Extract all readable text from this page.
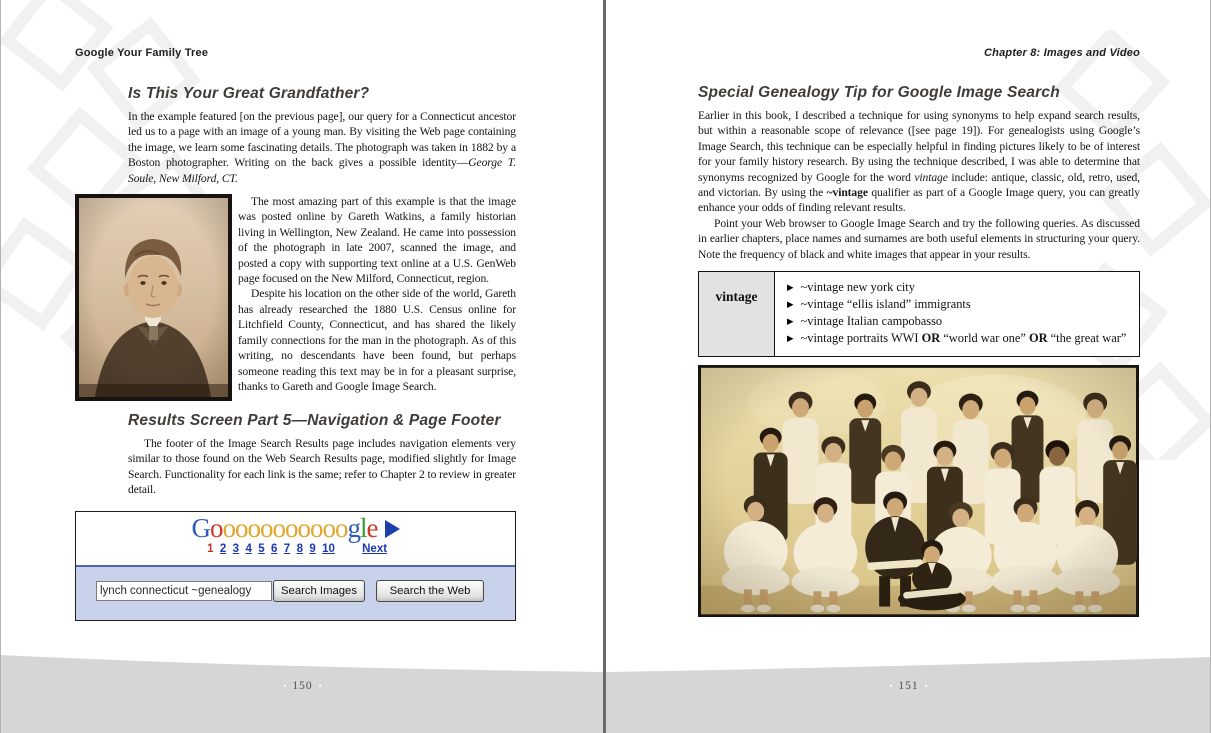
Google Your Family Tree	Chapter 8: Images and Video
Is This Your Great Grandfather?

In the example featured [on the previous page], our query for a Connecticut ancestor led us to a page with an image of a young man. By visiting the Web page containing the image, we learn some fascinating details. The photograph was taken in 1882 by a Boston photographer. Writing on the back gives a possible identity—George T. Soule, New Milford, CT.

The most amazing part of this example is that the image was posted online by Gareth Watkins, a family historian living in Wellington, New Zealand. He came into possession of the photograph in late 2007, scanned the image, and posted a copy with supporting text online at a U.S. GenWeb page focused on the New Milford, Connecticut, region.

Despite his location on the other side of the world, Gareth has already researched the 1880 U.S. Census online for Litchfield County, Connecticut, and has shared the likely family connections for the man in the photograph. As of this writing, no descendants have been found, but perhaps someone reading this text may be in for a pleasant surprise, thanks to Gareth and Google Image Search.

Results Screen Part 5—Navigation & Page Footer

The footer of the Image Search Results page includes navigation elements very similar to those found on the Web Search Results page, modified slightly for Image Search. Functionality for each link is the same; refer to Chapter 2 to review in greater detail.

Gooooooooooogle
1 2 3 4 5 6 7 8 9 10 Next
lynch connecticut ~genealogy
Search Images	Search the Web
Special Genealogy Tip for Google Image Search

Earlier in this book, I described a technique for using synonyms to help expand search results, but within a reasonable scope of relevance ([see page 19]). For genealogists using Google’s Image Search, this technique can be especially helpful in finding pictures likely to be of interest for your family history research. By using the technique described, I was able to determine that synonyms recognized by Google for the word vintage include: antique, classic, old, retro, used, and victorian. By using the ~vintage qualifier as part of a Google Image query, you can greatly enhance your odds of finding relevant results.

Point your Web browser to Google Image Search and try the following queries. As discussed in earlier chapters, place names and surnames are both useful elements in structuring your query. Note the frequency of black and white images that appear in your results.

vintage
▶ ~vintage new york city
▶ ~vintage “ellis island” immigrants
▶ ~vintage Italian campobasso
▶ ~vintage portraits WWI OR “world war one” OR “the great war”
• 150 •	• 151 •
